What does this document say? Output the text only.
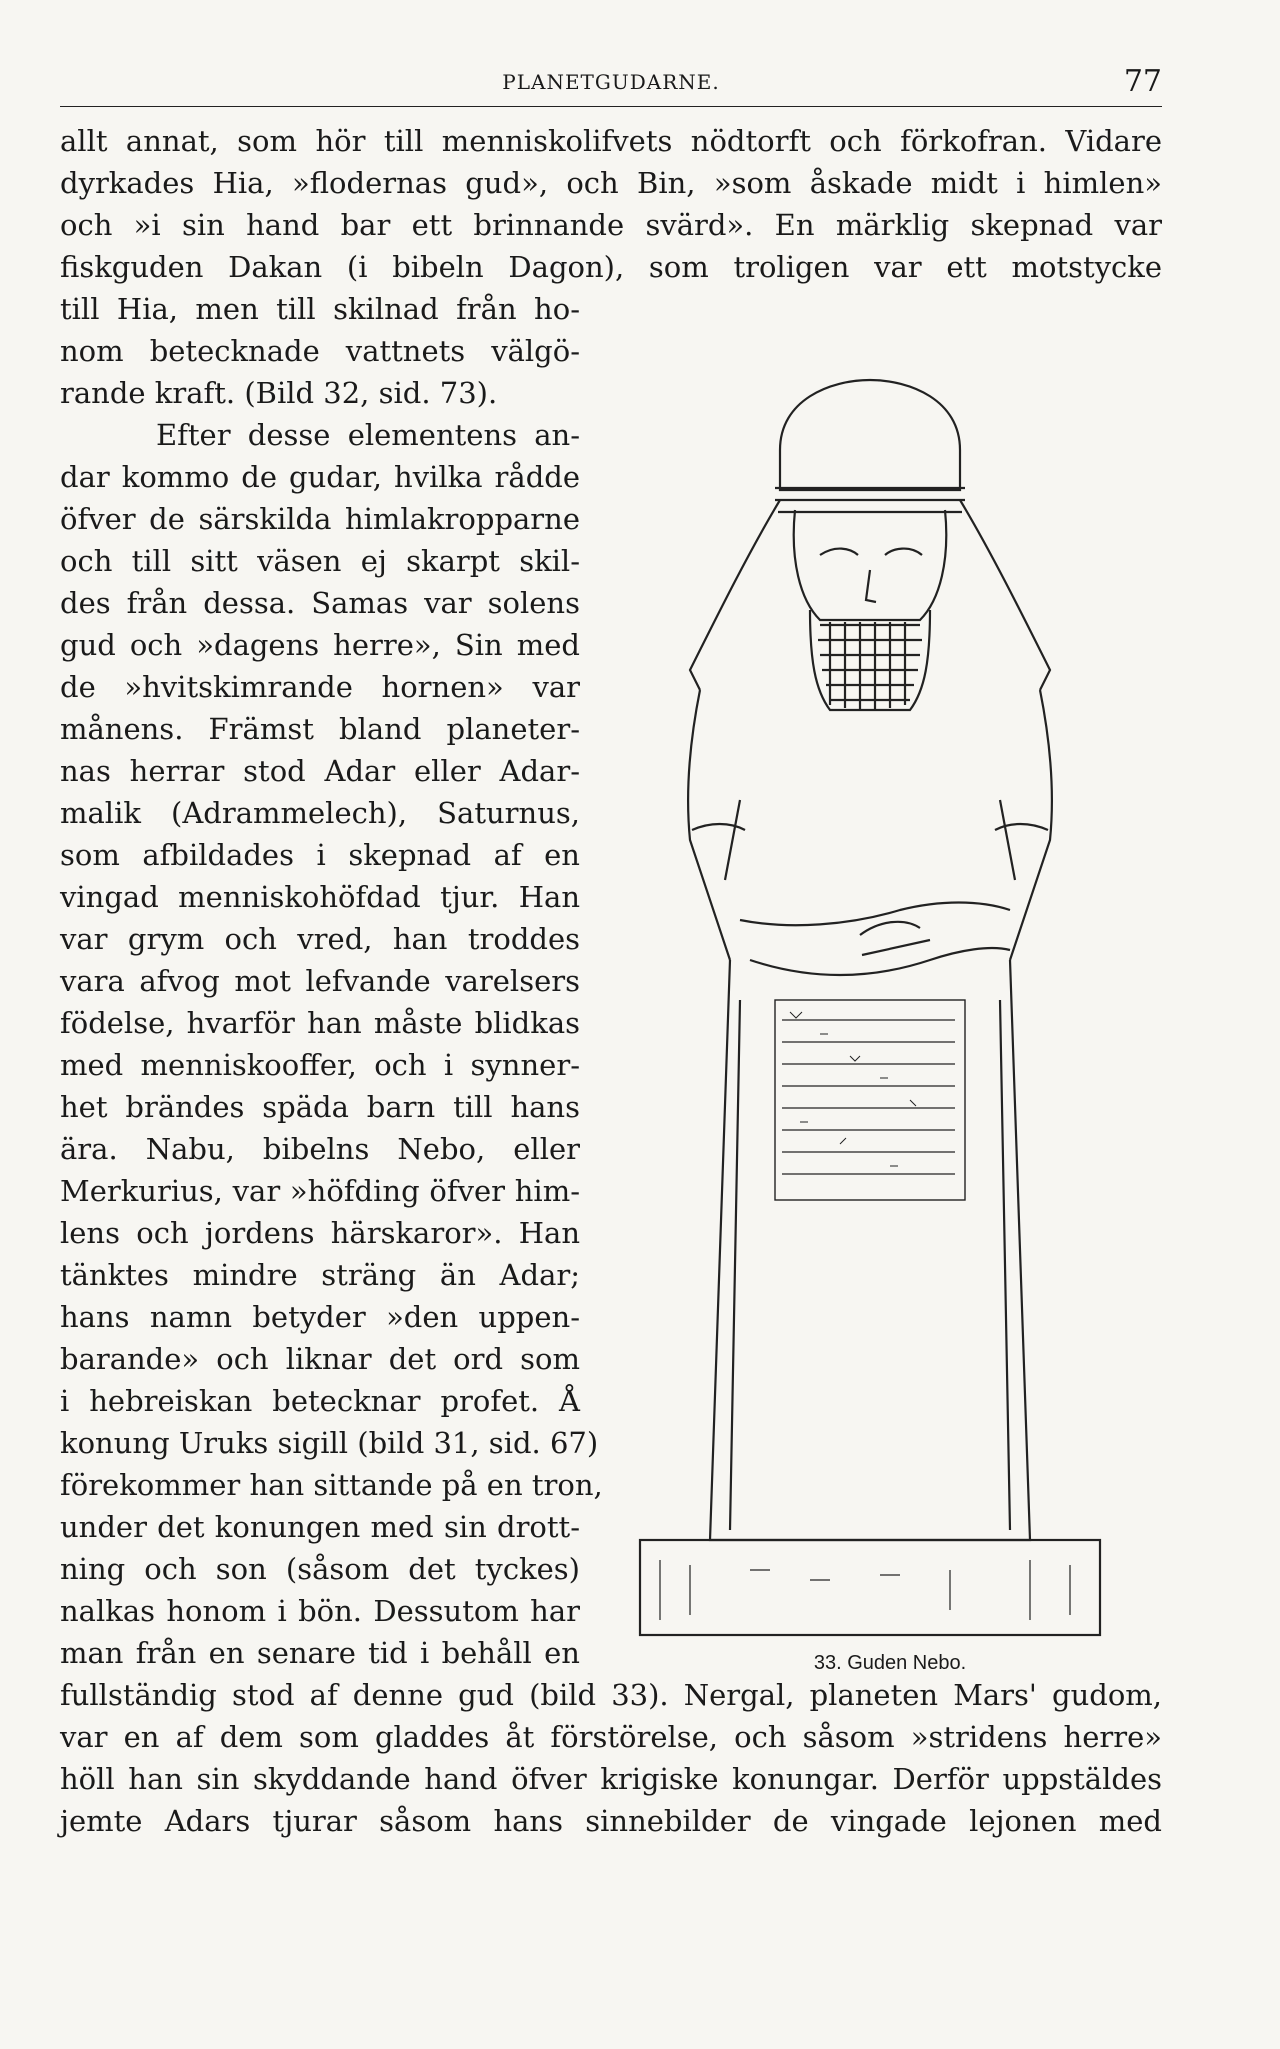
PLANETGUDARNE.	77
allt annat, som hör till menniskolifvets nödtorft och förkofran. Vidare
dyrkades Hia, »flodernas gud», och Bin, »som åskade midt i himlen»
och »i sin hand bar ett brinnande svärd». En märklig skepnad var
fiskguden Dakan (i bibeln Dagon), som troligen var ett motstycke
till Hia, men till skilnad från ho-
nom betecknade vattnets välgö-
rande kraft. (Bild 32, sid. 73).
Efter desse elementens an-
dar kommo de gudar, hvilka rådde
öfver de särskilda himlakropparne
och till sitt väsen ej skarpt skil-
des från dessa. Samas var solens
gud och »dagens herre», Sin med
de »hvitskimrande hornen» var
månens. Främst bland planeter-
nas herrar stod Adar eller Adar-
malik (Adrammelech), Saturnus,
som afbildades i skepnad af en
vingad menniskohöfdad tjur. Han
var grym och vred, han troddes
vara afvog mot lefvande varelsers
födelse, hvarför han måste blidkas
med menniskooffer, och i synner-
het brändes späda barn till hans
ära. Nabu, bibelns Nebo, eller
Merkurius, var »höfding öfver him-
lens och jordens härskaror». Han
tänktes mindre sträng än Adar;
hans namn betyder »den uppen-
barande» och liknar det ord som
i hebreiskan betecknar profet. Å
konung Uruks sigill (bild 31, sid. 67)
förekommer han sittande på en tron,
under det konungen med sin drott-
ning och son (såsom det tyckes)
nalkas honom i bön. Dessutom har
man från en senare tid i behåll en
fullständig stod af denne gud (bild 33). Nergal, planeten Mars' gudom,
var en af dem som gladdes åt förstörelse, och såsom »stridens herre»
höll han sin skyddande hand öfver krigiske konungar. Derför uppstäldes
jemte Adars tjurar såsom hans sinnebilder de vingade lejonen med
33. Guden Nebo.
